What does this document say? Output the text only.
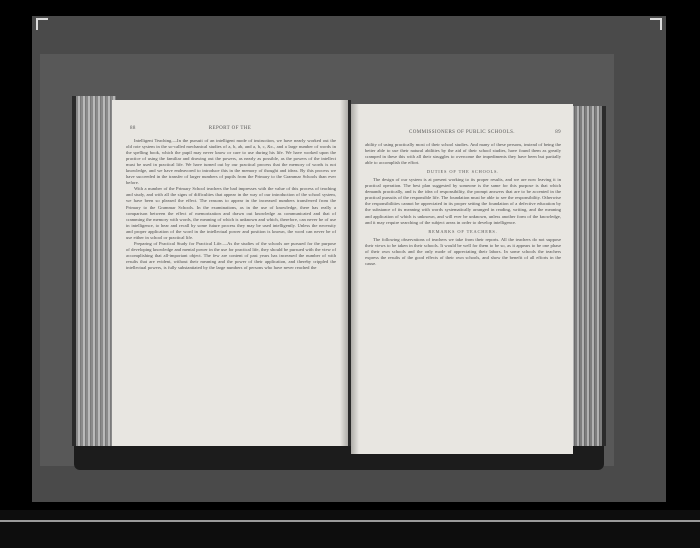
88	REPORT OF THE

Intelligent Teaching.—In the pursuit of an intelligent mode of instruction, we have nearly worked out the old rote system in the so-called mechanical studies of a, b, ab, and a, b, c, &c., and a large number of words in the spelling book, which the pupil may never know or care to use during his life. We have worked upon the practice of using the familiar and drawing out the powers, as nearly as possible, as the powers of the intellect must be used in practical life. We have turned out by our practical process that the memory of words is not knowledge, and we have endeavored to introduce this in the memory of thought and ideas. By this process we have succeeded in the transfer of larger numbers of pupils from the Primary to the Grammar Schools than ever before.

With a number of the Primary School teachers the bad impresses with the value of this process of teaching and study, and with all the signs of difficulties that appear in the way of our introduction of the school system, we have been so pleased the effect. The reasons to appear in the increased numbers transferred from the Primary to the Grammar Schools. In the examinations, as in the use of knowledge, there has really a comparison between the effect of memorization and drawn out knowledge as communicated and that of cramming the memory with words, the meaning of which is unknown and which, therefore, can never be of use in intelligence, to hear and recall by some future process they may be used intelligently. Unless the necessity and proper application of the word in the intellectual power and position is known, the word can never be of use either in school or practical life.

Preparing of Practical Study for Practical Life.—As the studies of the schools are pursued for the purpose of developing knowledge and mental power in the use for practical life, they should be pursued with the view of accomplishing that all-important object. The few are content of past years has increased the number of with results that are evident, without their meaning and the power of their application, and thereby crippled the intellectual powers, is fully substantiated by the large numbers of persons who have never reached the

COMMISSIONERS OF PUBLIC SCHOOLS.	89

ability of using practically most of their school studies. And many of these persons, instead of being the better able to use their natural abilities by the aid of their school studies, have found them as greatly cramped in these this with all their struggles to overcome the impediments they have been but partially able to accomplish the effort.

DUTIES OF THE SCHOOLS.

The design of our system is at present working to its proper results, and we are now leaving it in practical operation. The best plan suggested by someone is the same for this purpose is that which demands practically, and is the idea of responsibility, the prompt answers that are to be accented in the practical pursuits of the responsible life. The foundation must be able to see the responsibility. Otherwise the responsibilities cannot be appreciated in its proper setting the foundation of a defective education by the substance of its meaning with words systematically arranged in reading, writing, and the meaning and application of which is unknown, and will ever be unknown, unless another form of the knowledge, and it may require searching of the subject areas in order to develop intelligence.

REMARKS OF TEACHERS.

The following observations of teachers we take from their reports. All the teachers do not suppose their views to be taken in their schools. It would be well for them to be so, as it appears to be one phase of their own schools and the only mode of appreciating their labors. In some schools the teachers express the results of the good effects of their own schools, and show the benefit of all efforts in the cause.
